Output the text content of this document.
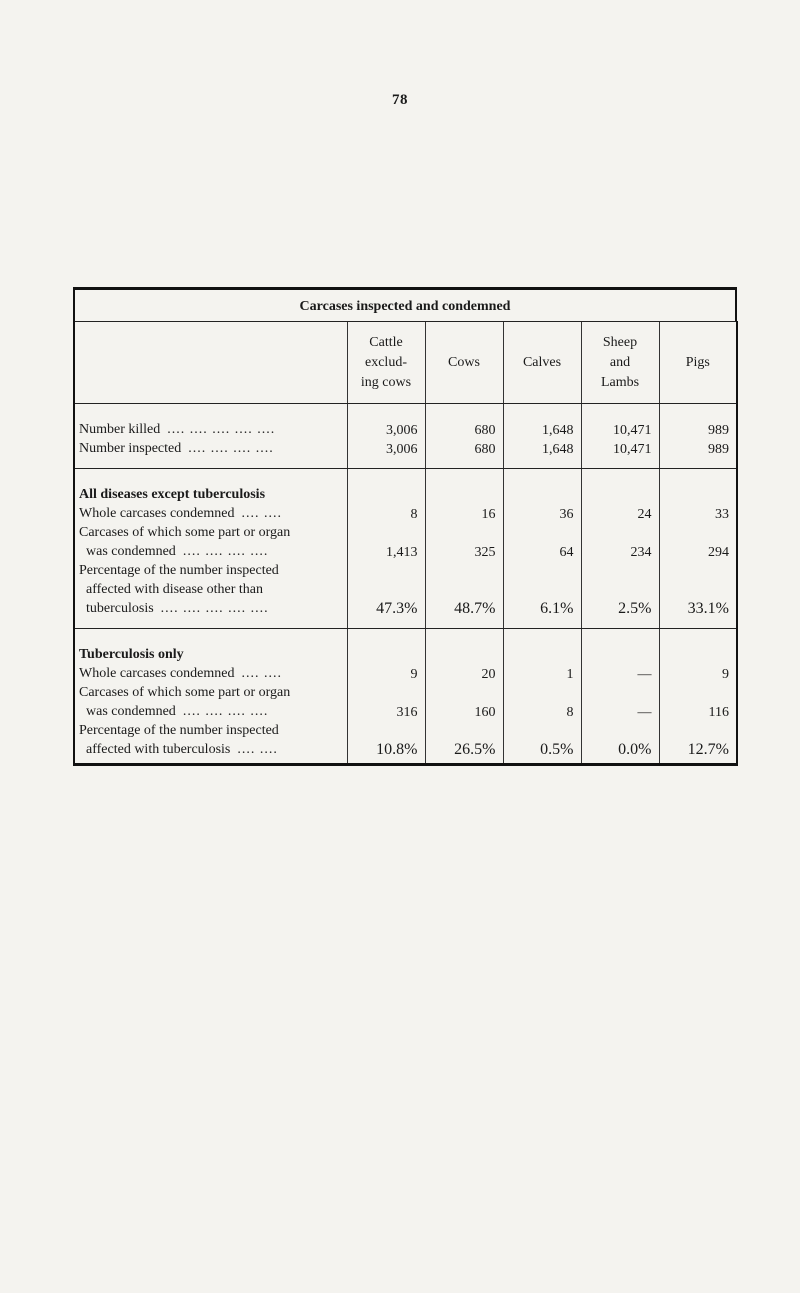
78
Carcases inspected and condemned
	Cattle
exclud-
ing cows	Cows	Calves	Sheep
and
Lambs	Pigs
Number killed .... .... .... .... ....	3,006	680	1,648	10,471	989
Number inspected .... .... .... ....	3,006	680	1,648	10,471	989
All diseases except tuberculosis
Whole carcases condemned .... ....	8	16	36	24	33
Carcases of which some part or organ
was condemned .... .... .... ....	1,413	325	64	234	294
Percentage of the number inspected
affected with disease other than
tuberculosis .... .... .... .... ....	47.3%	48.7%	6.1%	2.5%	33.1%
Tuberculosis only
Whole carcases condemned .... ....	9	20	1	—	9
Carcases of which some part or organ
was condemned .... .... .... ....	316	160	8	—	116
Percentage of the number inspected
affected with tuberculosis .... ....	10.8%	26.5%	0.5%	0.0%	12.7%
